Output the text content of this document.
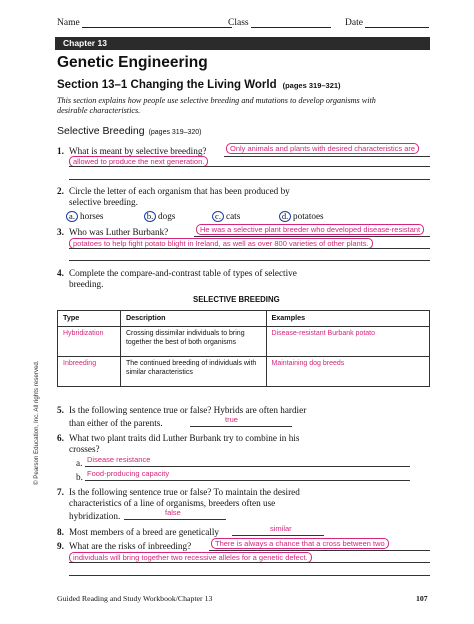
Name	Class	Date
Chapter 13
Genetic Engineering
Section 13–1 Changing the Living World (pages 319–321)
This section explains how people use selective breeding and mutations to develop organisms with desirable characteristics.
Selective Breeding (pages 319–320)
1. What is meant by selective breeding?	Only animals and plants with desired characteristics are
allowed to produce the next generation.
2. Circle the letter of each organism that has been produced by
selective breeding.
a. horses	b. dogs	c. cats	d. potatoes
3. Who was Luther Burbank?	He was a selective plant breeder who developed disease-resistant
potatoes to help fight potato blight in Ireland, as well as over 800 varieties of other plants.
4. Complete the compare-and-contrast table of types of selective
breeding.
SELECTIVE BREEDING
Type	Description	Examples
Hybridization	Crossing dissimilar individuals to bring together the best of both organisms	Disease-resistant Burbank potato
Inbreeding	The continued breeding of individuals with similar characteristics	Maintaining dog breeds
5. Is the following sentence true or false? Hybrids are often hardier
than either of the parents.	true
6. What two plant traits did Luther Burbank try to combine in his
crosses?
a. Disease resistance
b. Food-producing capacity
7. Is the following sentence true or false? To maintain the desired
characteristics of a line of organisms, breeders often use
hybridization.	false
8. Most members of a breed are genetically	similar
9. What are the risks of inbreeding?	There is always a chance that a cross between two
individuals will bring together two recessive alleles for a genetic defect.
© Pearson Education, Inc. All rights reserved.
Guided Reading and Study Workbook/Chapter 13	107
